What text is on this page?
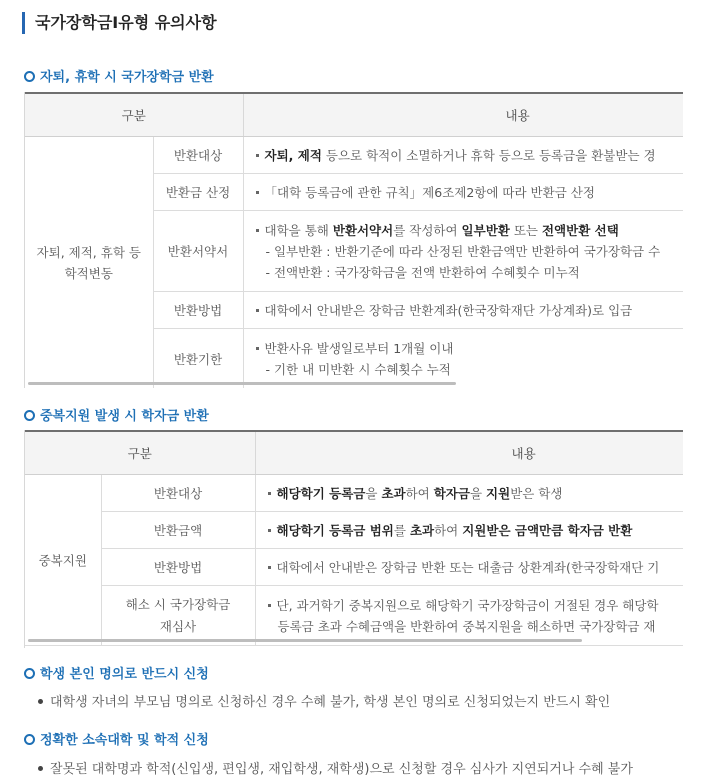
국가장학금I유형 유의사항
자퇴, 휴학 시 국가장학금 반환
구분		내용
자퇴, 제적, 휴학 등
학적변동	반환대상	자퇴, 제적 등으로 학적이 소멸하거나 휴학 등으로 등록금을 환불받는 경
	반환금 산정	「대학 등록금에 관한 규칙」제6조제2항에 따라 반환금 산정
	반환서약서	대학을 통해 반환서약서를 작성하여 일부반환 또는 전액반환 선택
- 일부반환 : 반환기준에 따라 산정된 반환금액만 반환하여 국가장학금 수
- 전액반환 : 국가장학금을 전액 반환하여 수혜횟수 미누적

	반환방법	대학에서 안내받은 장학금 반환계좌(한국장학재단 가상계좌)로 입금
	반환기한	반환사유 발생일로부터 1개월 이내
- 기한 내 미반환 시 수혜횟수 누적
중복지원 발생 시 학자금 반환
구분		내용
중복지원	반환대상	해당학기 등록금을 초과하여 학자금을 지원받은 학생
	반환금액	해당학기 등록금 범위를 초과하여 지원받은 금액만큼 학자금 반환
	반환방법	대학에서 안내받은 장학금 반환 또는 대출금 상환계좌(한국장학재단 기
	해소 시 국가장학금
재심사	단, 과거학기 중복지원으로 해당학기 국가장학금이 거절된 경우 해당학
등록금 초과 수혜금액을 반환하여 중복지원을 해소하면 국가장학금 재
학생 본인 명의로 반드시 신청
대학생 자녀의 부모님 명의로 신청하신 경우 수혜 불가, 학생 본인 명의로 신청되었는지 반드시 확인
정확한 소속대학 및 학적 신청
잘못된 대학명과 학적(신입생, 편입생, 재입학생, 재학생)으로 신청할 경우 심사가 지연되거나 수혜 불가
